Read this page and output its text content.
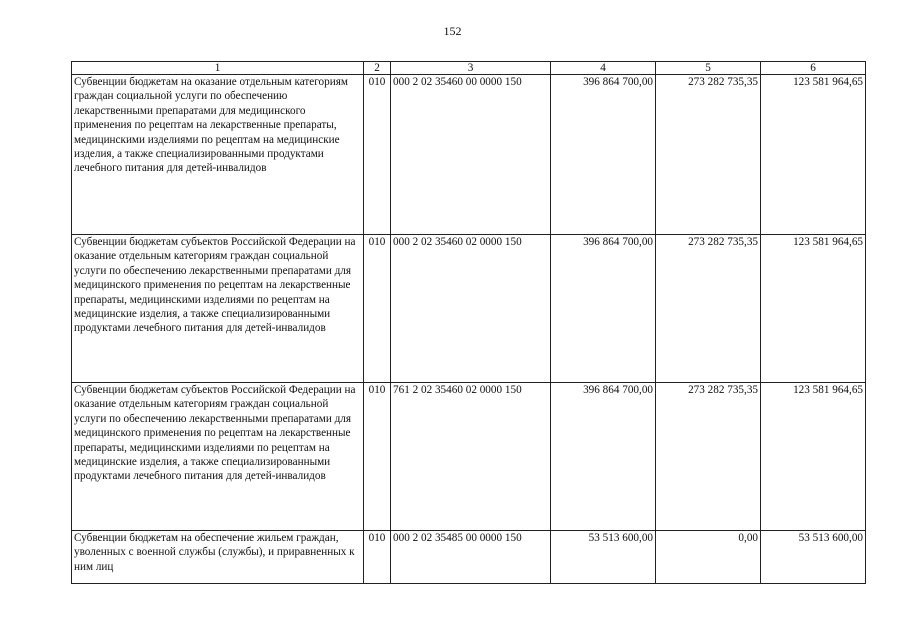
152
1	2	3	4	5	6
Субвенции бюджетам на оказание отдельным категориям граждан социальной услуги по обеспечению лекарственными препаратами для медицинского применения по рецептам на лекарственные препараты, медицинскими изделиями по рецептам на медицинские изделия, а также специализированными продуктами лечебного питания для детей-инвалидов	010	000 2 02 35460 00 0000 150	396 864 700,00	273 282 735,35	123 581 964,65
Субвенции бюджетам субъектов Российской Федерации на оказание отдельным категориям граждан социальной услуги по обеспечению лекарственными препаратами для медицинского применения по рецептам на лекарственные препараты, медицинскими изделиями по рецептам на медицинские изделия, а также специализированными продуктами лечебного питания для детей-инвалидов	010	000 2 02 35460 02 0000 150	396 864 700,00	273 282 735,35	123 581 964,65
Субвенции бюджетам субъектов Российской Федерации на оказание отдельным категориям граждан социальной услуги по обеспечению лекарственными препаратами для медицинского применения по рецептам на лекарственные препараты, медицинскими изделиями по рецептам на медицинские изделия, а также специализированными продуктами лечебного питания для детей-инвалидов	010	761 2 02 35460 02 0000 150	396 864 700,00	273 282 735,35	123 581 964,65
Субвенции бюджетам на обеспечение жильем граждан, уволенных с военной службы (службы), и приравненных к ним лиц	010	000 2 02 35485 00 0000 150	53 513 600,00	0,00	53 513 600,00
